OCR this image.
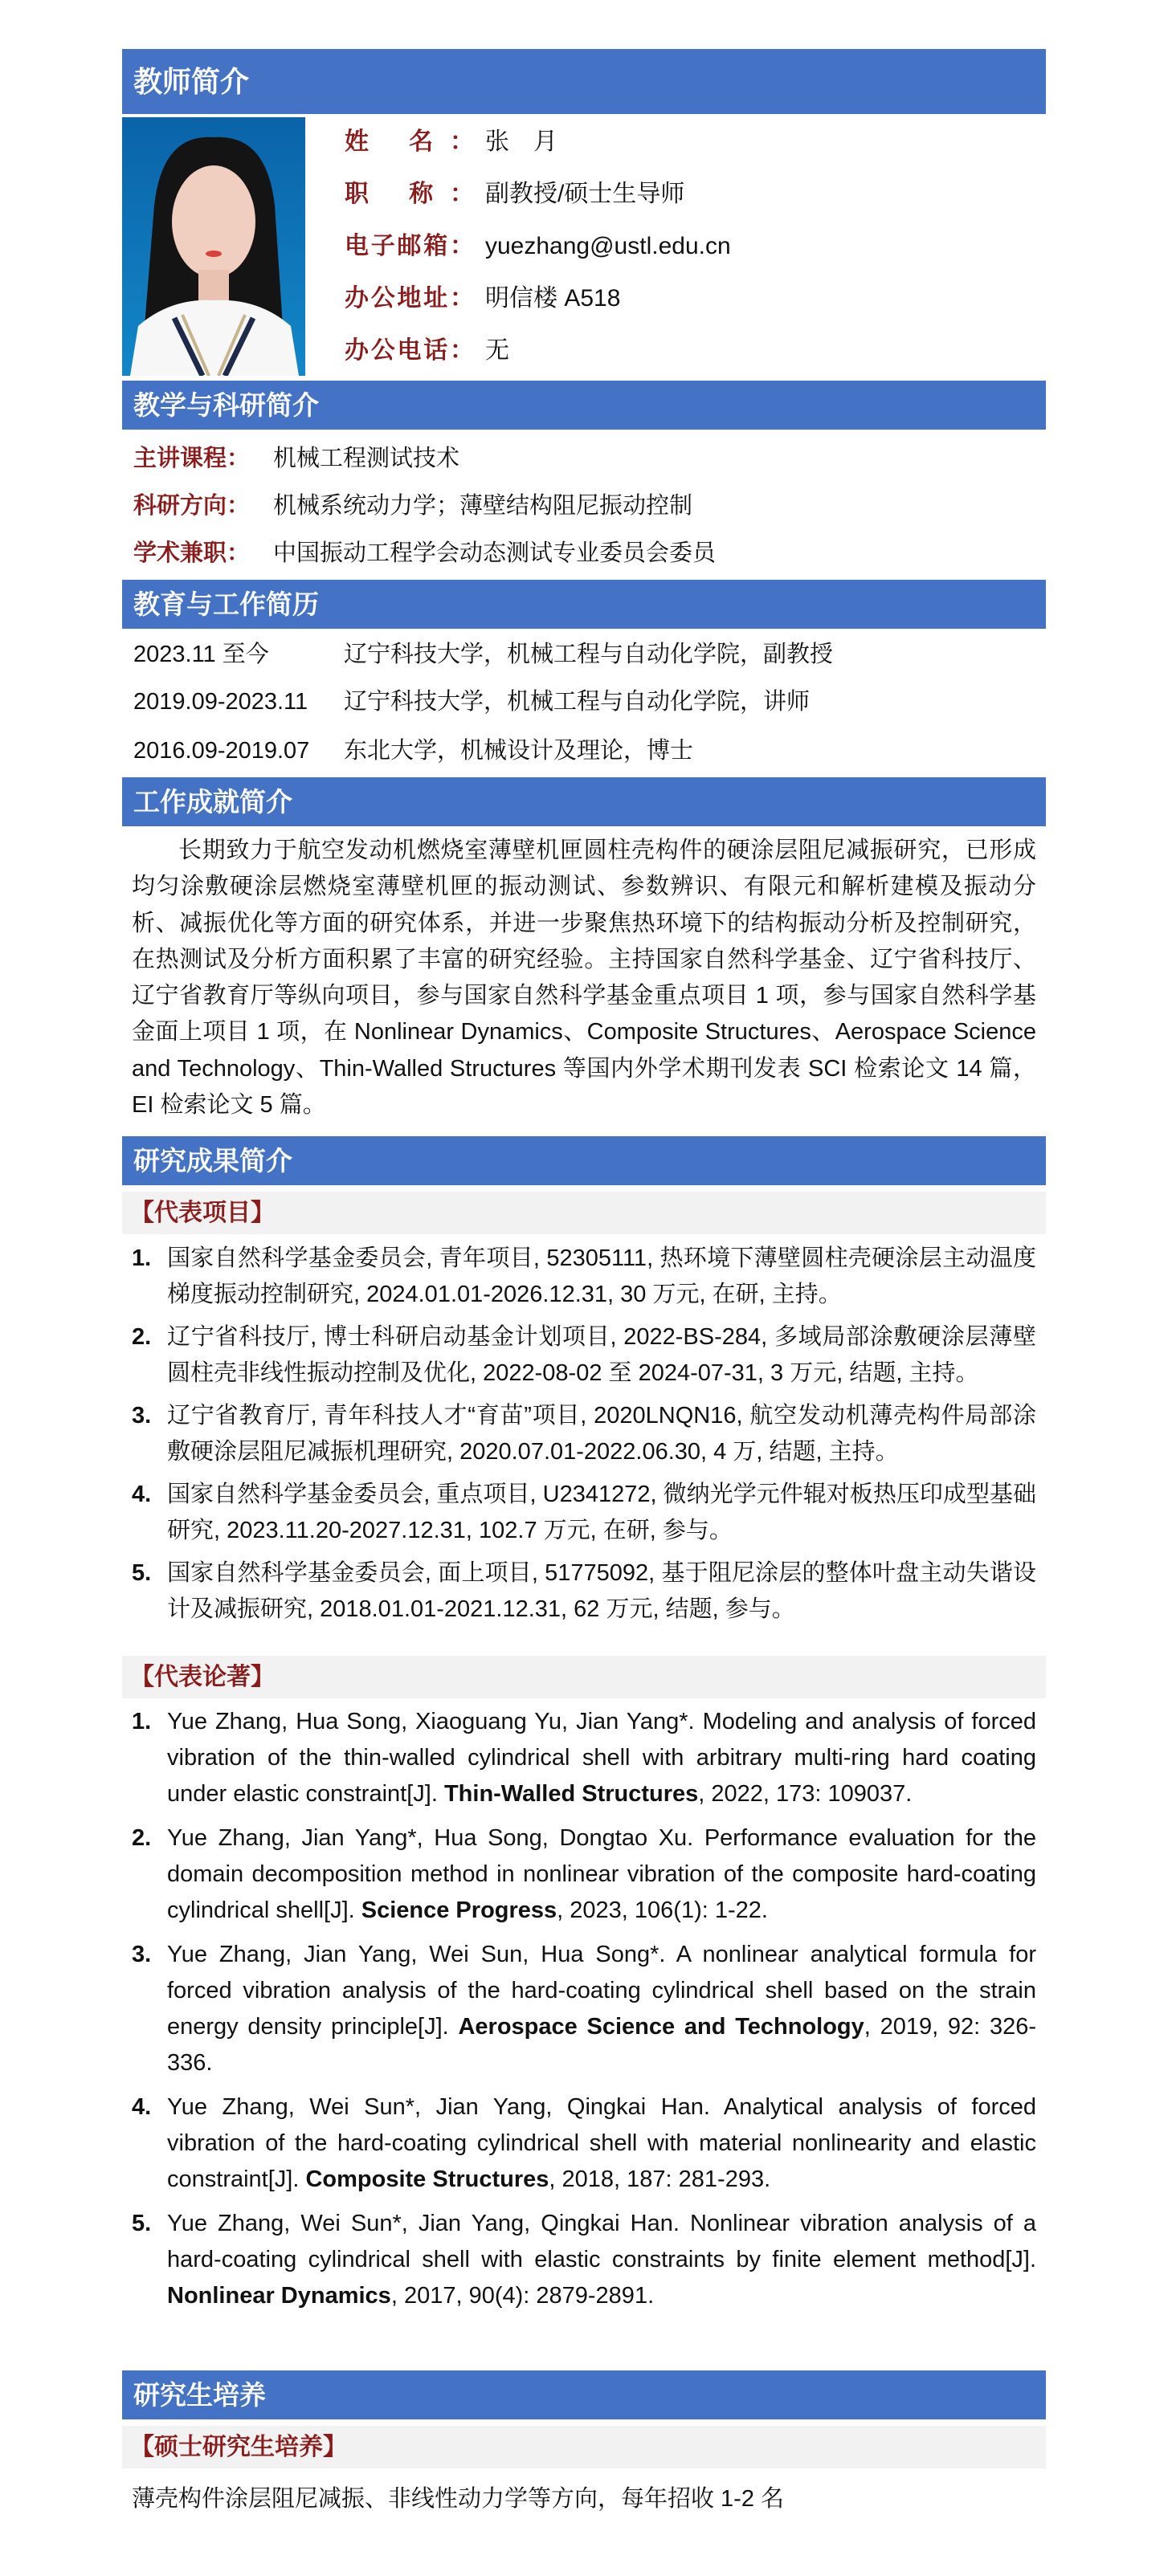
教师简介
姓 名： 张　月
职 称： 副教授/硕士生导师
电子邮箱： yuezhang@ustl.edu.cn
办公地址： 明信楼 A518
办公电话： 无
教学与科研简介
主讲课程： 机械工程测试技术
科研方向： 机械系统动力学；薄壁结构阻尼振动控制
学术兼职： 中国振动工程学会动态测试专业委员会委员
教育与工作简历
2023.11 至今	辽宁科技大学，机械工程与自动化学院，副教授
2019.09-2023.11 辽宁科技大学，机械工程与自动化学院，讲师
2016.09-2019.07 东北大学，机械设计及理论，博士
工作成就简介
长期致力于航空发动机燃烧室薄壁机匣圆柱壳构件的硬涂层阻尼减振研究，已形成均匀涂敷硬涂层燃烧室薄壁机匣的振动测试、参数辨识、有限元和解析建模及振动分析、减振优化等方面的研究体系，并进一步聚焦热环境下的结构振动分析及控制研究，在热测试及分析方面积累了丰富的研究经验。主持国家自然科学基金、辽宁省科技厅、辽宁省教育厅等纵向项目，参与国家自然科学基金重点项目 1 项，参与国家自然科学基金面上项目 1 项，在 Nonlinear Dynamics、Composite Structures、Aerospace Science and Technology、Thin-Walled Structures 等国内外学术期刊发表 SCI 检索论文 14 篇，EI 检索论文 5 篇。
研究成果简介
【代表项目】
1. 国家自然科学基金委员会, 青年项目, 52305111, 热环境下薄壁圆柱壳硬涂层主动温度梯度振动控制研究, 2024.01.01-2026.12.31, 30 万元, 在研, 主持。
2. 辽宁省科技厅, 博士科研启动基金计划项目, 2022-BS-284, 多域局部涂敷硬涂层薄壁圆柱壳非线性振动控制及优化, 2022-08-02 至 2024-07-31, 3 万元, 结题, 主持。
3. 辽宁省教育厅, 青年科技人才“育苗”项目, 2020LNQN16, 航空发动机薄壳构件局部涂敷硬涂层阻尼减振机理研究, 2020.07.01-2022.06.30, 4 万, 结题, 主持。
4. 国家自然科学基金委员会, 重点项目, U2341272, 微纳光学元件辊对板热压印成型基础研究, 2023.11.20-2027.12.31, 102.7 万元, 在研, 参与。
5. 国家自然科学基金委员会, 面上项目, 51775092, 基于阻尼涂层的整体叶盘主动失谐设计及减振研究, 2018.01.01-2021.12.31, 62 万元, 结题, 参与。
【代表论著】
1. Yue Zhang, Hua Song, Xiaoguang Yu, Jian Yang*. Modeling and analysis of forced vibration of the thin-walled cylindrical shell with arbitrary multi-ring hard coating under elastic constraint[J]. Thin-Walled Structures, 2022, 173: 109037.
2. Yue Zhang, Jian Yang*, Hua Song, Dongtao Xu. Performance evaluation for the domain decomposition method in nonlinear vibration of the composite hard-coating cylindrical shell[J]. Science Progress, 2023, 106(1): 1-22.
3. Yue Zhang, Jian Yang, Wei Sun, Hua Song*. A nonlinear analytical formula for forced vibration analysis of the hard-coating cylindrical shell based on the strain energy density principle[J]. Aerospace Science and Technology, 2019, 92: 326-336.
4. Yue Zhang, Wei Sun*, Jian Yang, Qingkai Han. Analytical analysis of forced vibration of the hard-coating cylindrical shell with material nonlinearity and elastic constraint[J]. Composite Structures, 2018, 187: 281-293.
5. Yue Zhang, Wei Sun*, Jian Yang, Qingkai Han. Nonlinear vibration analysis of a hard-coating cylindrical shell with elastic constraints by finite element method[J]. Nonlinear Dynamics, 2017, 90(4): 2879-2891.
研究生培养
【硕士研究生培养】
薄壳构件涂层阻尼减振、非线性动力学等方向，每年招收 1-2 名
